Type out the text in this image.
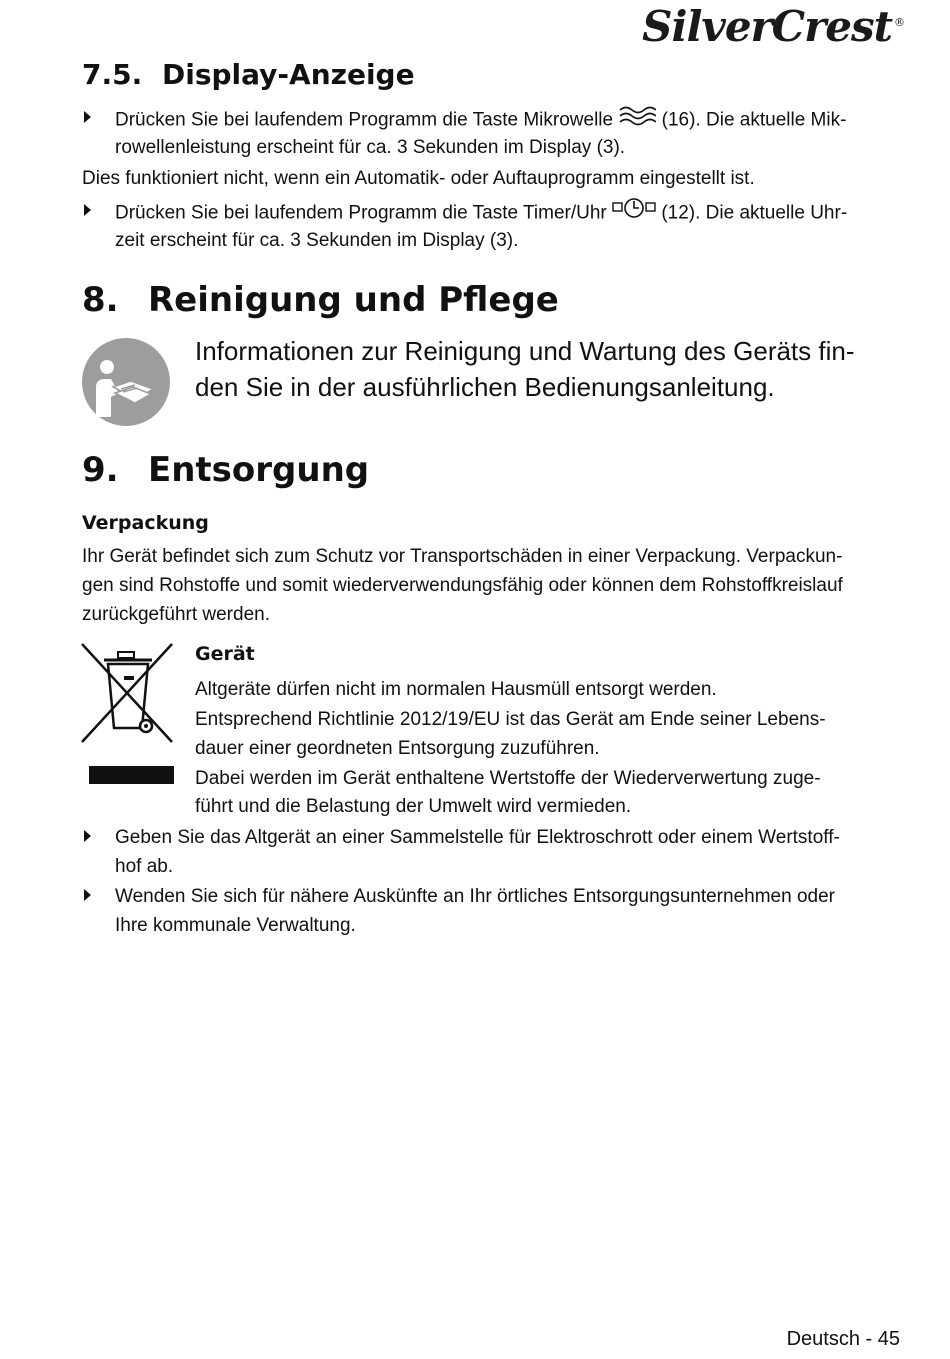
SilverCrest ®
7.5. Display-Anzeige
Drücken Sie bei laufendem Programm die Taste Mikrowelle	(16). Die aktuelle Mik-
rowellenleistung erscheint für ca. 3 Sekunden im Display (3).
Dies funktioniert nicht, wenn ein Automatik- oder Auftauprogramm eingestellt ist.
Drücken Sie bei laufendem Programm die Taste Timer/Uhr	(12). Die aktuelle Uhr-
zeit erscheint für ca. 3 Sekunden im Display (3).
8. Reinigung und Pflege
Informationen zur Reinigung und Wartung des Geräts fin-
den Sie in der ausführlichen Bedienungsanleitung.
9. Entsorgung
Verpackung
Ihr Gerät befindet sich zum Schutz vor Transportschäden in einer Verpackung. Verpackun-
gen sind Rohstoffe und somit wiederverwendungsfähig oder können dem Rohstoffkreislauf
zurückgeführt werden.
Gerät
Altgeräte dürfen nicht im normalen Hausmüll entsorgt werden.
Entsprechend Richtlinie 2012/19/EU ist das Gerät am Ende seiner Lebens-
dauer einer geordneten Entsorgung zuzuführen.
Dabei werden im Gerät enthaltene Wertstoffe der Wiederverwertung zuge-
führt und die Belastung der Umwelt wird vermieden.
Geben Sie das Altgerät an einer Sammelstelle für Elektroschrott oder einem Wertstoff-
hof ab.
Wenden Sie sich für nähere Auskünfte an Ihr örtliches Entsorgungsunternehmen oder
Ihre kommunale Verwaltung.
Deutsch - 45
